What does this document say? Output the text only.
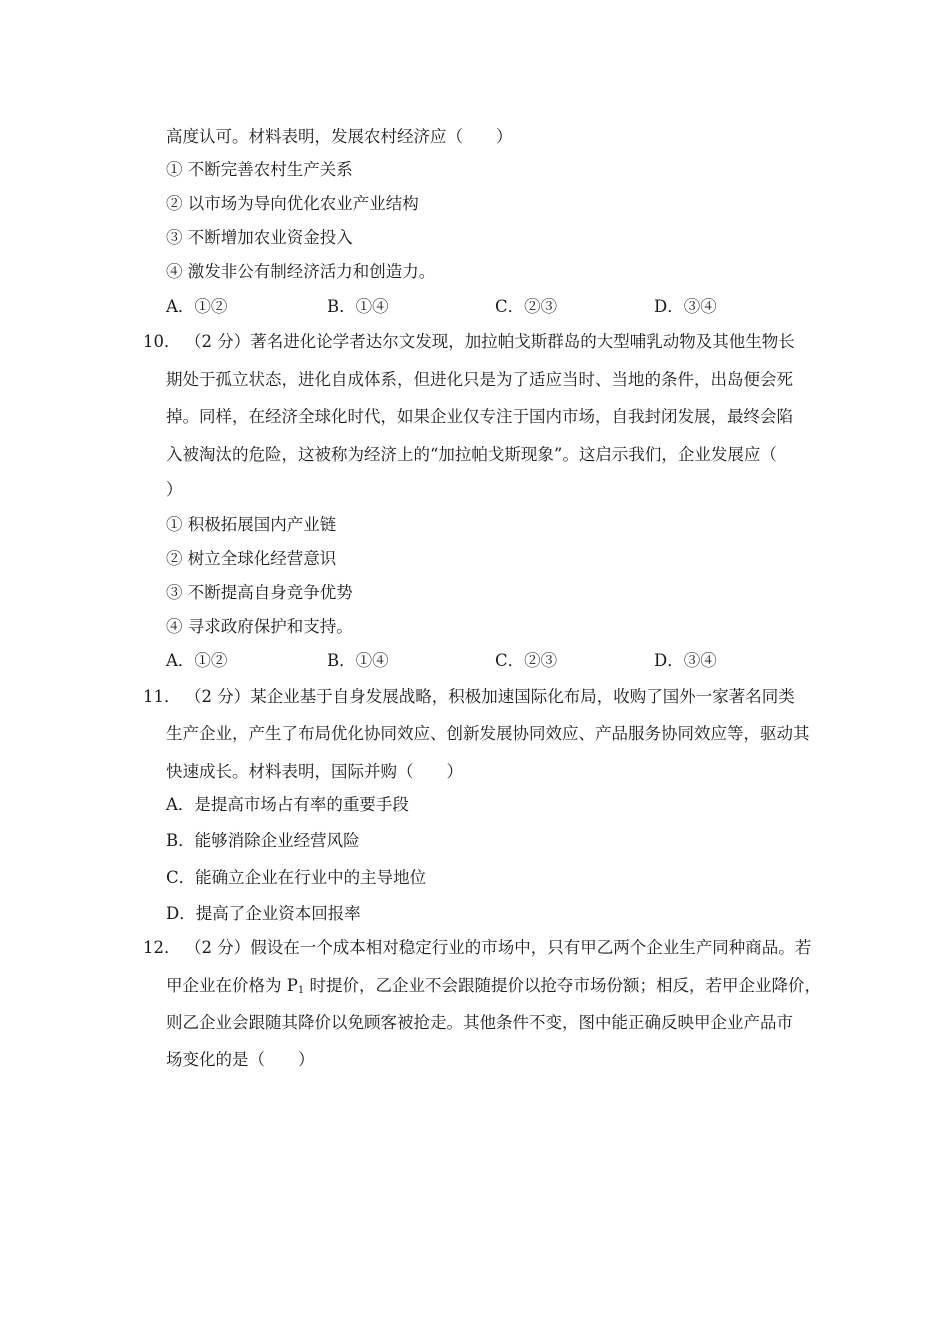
高度认可。材料表明，发展农村经济应（　　）
① 不断完善农村生产关系
② 以市场为导向优化农业产业结构
③ 不断增加农业资金投入
④ 激发非公有制经济活力和创造力。
A．①②	B．①④	C．②③	D．③④
10． （2 分）著名进化论学者达尔文发现，加拉帕戈斯群岛的大型哺乳动物及其他生物长
期处于孤立状态，进化自成体系，但进化只是为了适应当时、当地的条件，出岛便会死
掉。同样，在经济全球化时代，如果企业仅专注于国内市场，自我封闭发展，最终会陷
入被淘汰的危险，这被称为经济上的“加拉帕戈斯现象”。这启示我们，企业发展应（
）
① 积极拓展国内产业链
② 树立全球化经营意识
③ 不断提高自身竞争优势
④ 寻求政府保护和支持。
A．①②	B．①④	C．②③	D．③④
11． （2 分）某企业基于自身发展战略，积极加速国际化布局，收购了国外一家著名同类
生产企业，产生了布局优化协同效应、创新发展协同效应、产品服务协同效应等，驱动其
快速成长。材料表明，国际并购（　　）
A．是提高市场占有率的重要手段
B．能够消除企业经营风险
C．能确立企业在行业中的主导地位
D．提高了企业资本回报率
12． （2 分）假设在一个成本相对稳定行业的市场中，只有甲乙两个企业生产同种商品。若
甲企业在价格为 $P_1$ 时提价，乙企业不会跟随提价以抢夺市场份额；相反，若甲企业降价，
则乙企业会跟随其降价以免顾客被抢走。其他条件不变，图中能正确反映甲企业产品市
场变化的是（　　）
